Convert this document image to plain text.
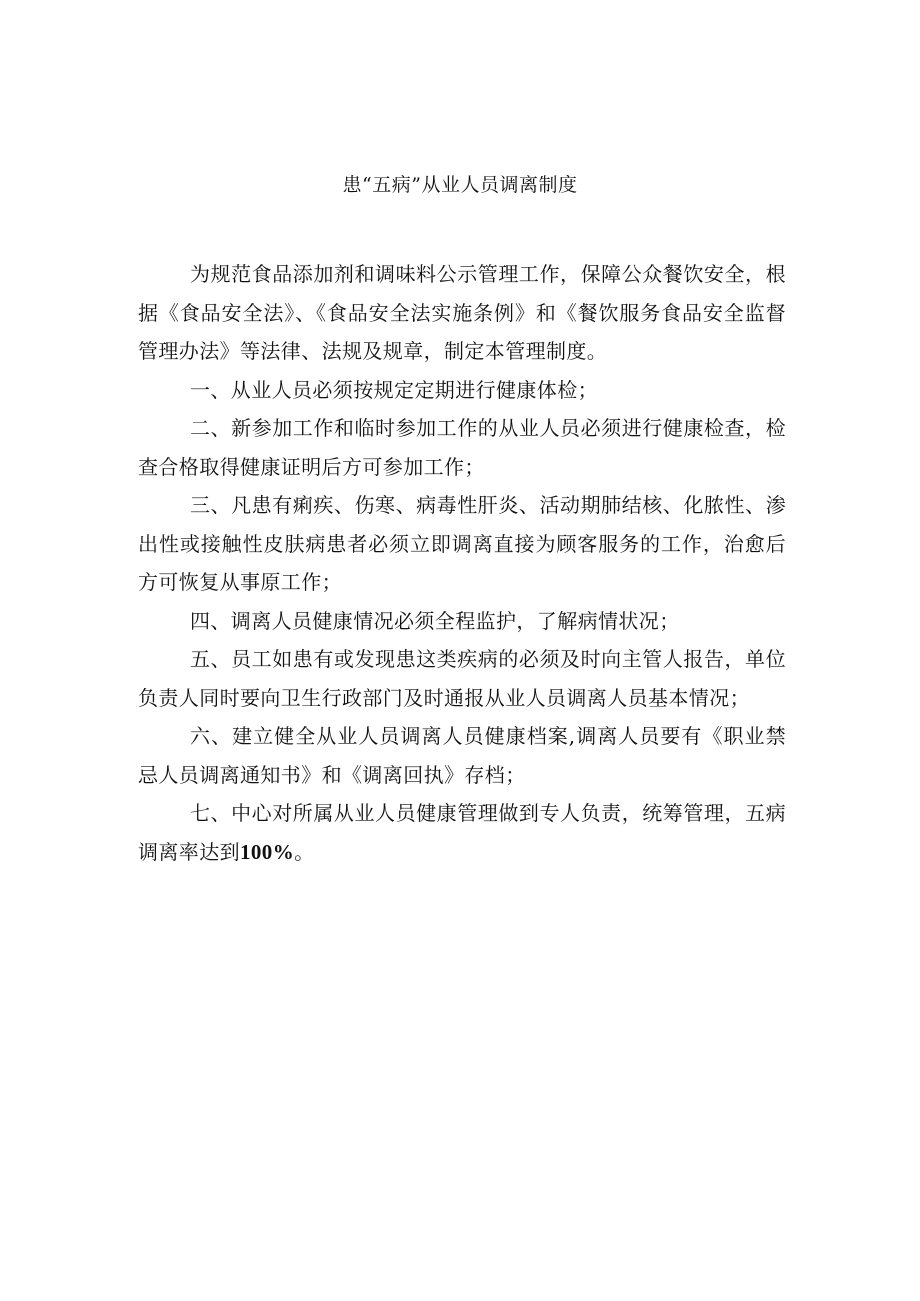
患“五病”从业人员调离制度

为规范食品添加剂和调味料公示管理工作，保障公众餐饮安全，根据《食品安全法》、《食品安全法实施条例》和《餐饮服务食品安全监督管理办法》等法律、法规及规章，制定本管理制度。

一、从业人员必须按规定定期进行健康体检；

二、新参加工作和临时参加工作的从业人员必须进行健康检查，检查合格取得健康证明后方可参加工作；

三、凡患有痢疾、伤寒、病毒性肝炎、活动期肺结核、化脓性、渗出性或接触性皮肤病患者必须立即调离直接为顾客服务的工作，治愈后方可恢复从事原工作；

四、调离人员健康情况必须全程监护，了解病情状况；

五、员工如患有或发现患这类疾病的必须及时向主管人报告，单位负责人同时要向卫生行政部门及时通报从业人员调离人员基本情况；

六、建立健全从业人员调离人员健康档案,调离人员要有《职业禁忌人员调离通知书》和《调离回执》存档；

七、中心对所属从业人员健康管理做到专人负责，统筹管理，五病调离率达到100%。
